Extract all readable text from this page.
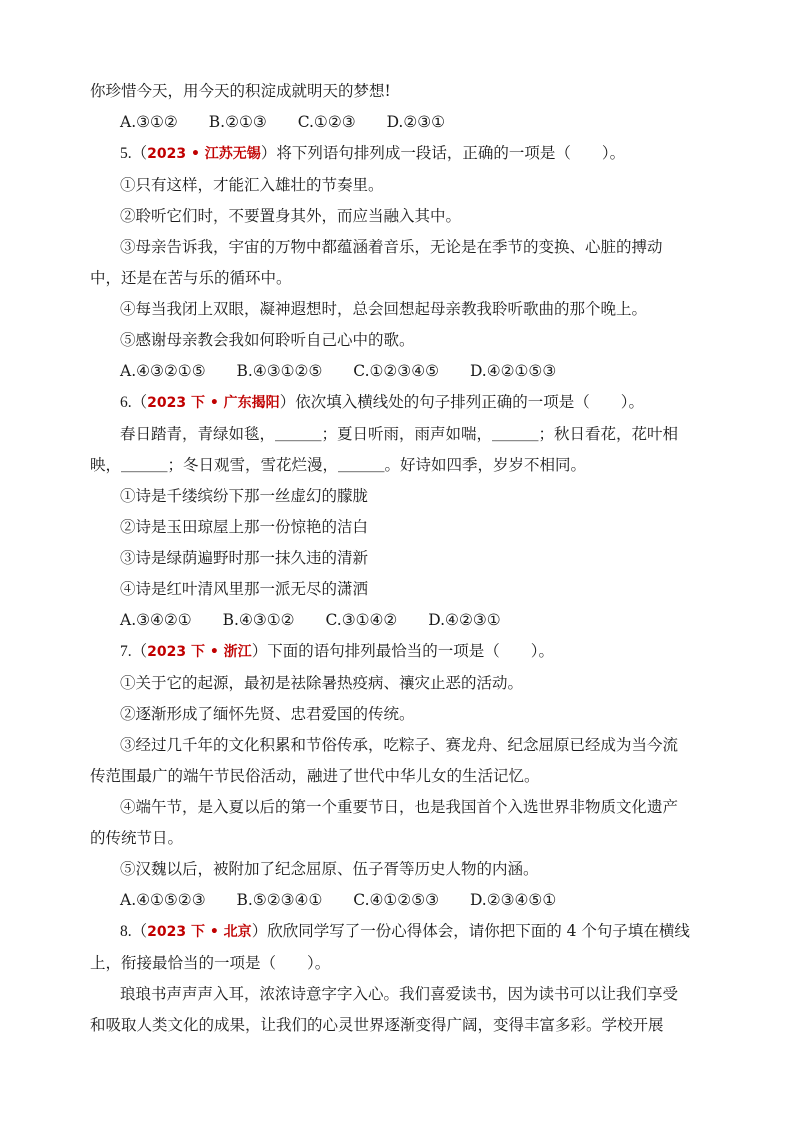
你珍惜今天，用今天的积淀成就明天的梦想!
A.③①② B.②①③ C.①②③ D.②③①
5.（2023 • 江苏无锡）将下列语句排列成一段话，正确的一项是（　　）。
①只有这样，才能汇入雄壮的节奏里。
②聆听它们时，不要置身其外，而应当融入其中。
③母亲告诉我，宇宙的万物中都蕴涵着音乐，无论是在季节的变换、心脏的搏动
中，还是在苦与乐的循环中。
④每当我闭上双眼，凝神遐想时，总会回想起母亲教我聆听歌曲的那个晚上。
⑤感谢母亲教会我如何聆听自己心中的歌。
A.④③②①⑤ B.④③①②⑤ C.①②③④⑤ D.④②①⑤③
6.（2023 下 • 广东揭阳）依次填入横线处的句子排列正确的一项是（　　）。
春日踏青，青绿如毯，＿＿＿；夏日听雨，雨声如喘，＿＿＿；秋日看花，花叶相
映，＿＿＿；冬日观雪，雪花烂漫，＿＿＿。好诗如四季，岁岁不相同。
①诗是千缕缤纷下那一丝虚幻的朦胧
②诗是玉田琼屋上那一份惊艳的洁白
③诗是绿荫遍野时那一抹久违的清新
④诗是红叶清风里那一派无尽的潇洒
A.③④②① B.④③①② C.③①④② D.④②③①
7.（2023 下 • 浙江）下面的语句排列最恰当的一项是（　　）。
①关于它的起源，最初是祛除暑热疫病、禳灾止恶的活动。
②逐渐形成了缅怀先贤、忠君爱国的传统。
③经过几千年的文化积累和节俗传承，吃粽子、赛龙舟、纪念屈原已经成为当今流
传范围最广的端午节民俗活动，融进了世代中华儿女的生活记忆。
④端午节，是入夏以后的第一个重要节日，也是我国首个入选世界非物质文化遗产
的传统节日。
⑤汉魏以后，被附加了纪念屈原、伍子胥等历史人物的内涵。
A.④①⑤②③ B.⑤②③④① C.④①②⑤③ D.②③④⑤①
8.（2023 下 • 北京）欣欣同学写了一份心得体会，请你把下面的 4 个句子填在横线
上，衔接最恰当的一项是（　　）。
琅琅书声声声入耳，浓浓诗意字字入心。我们喜爱读书，因为读书可以让我们享受
和吸取人类文化的成果，让我们的心灵世界逐渐变得广阔，变得丰富多彩。学校开展
